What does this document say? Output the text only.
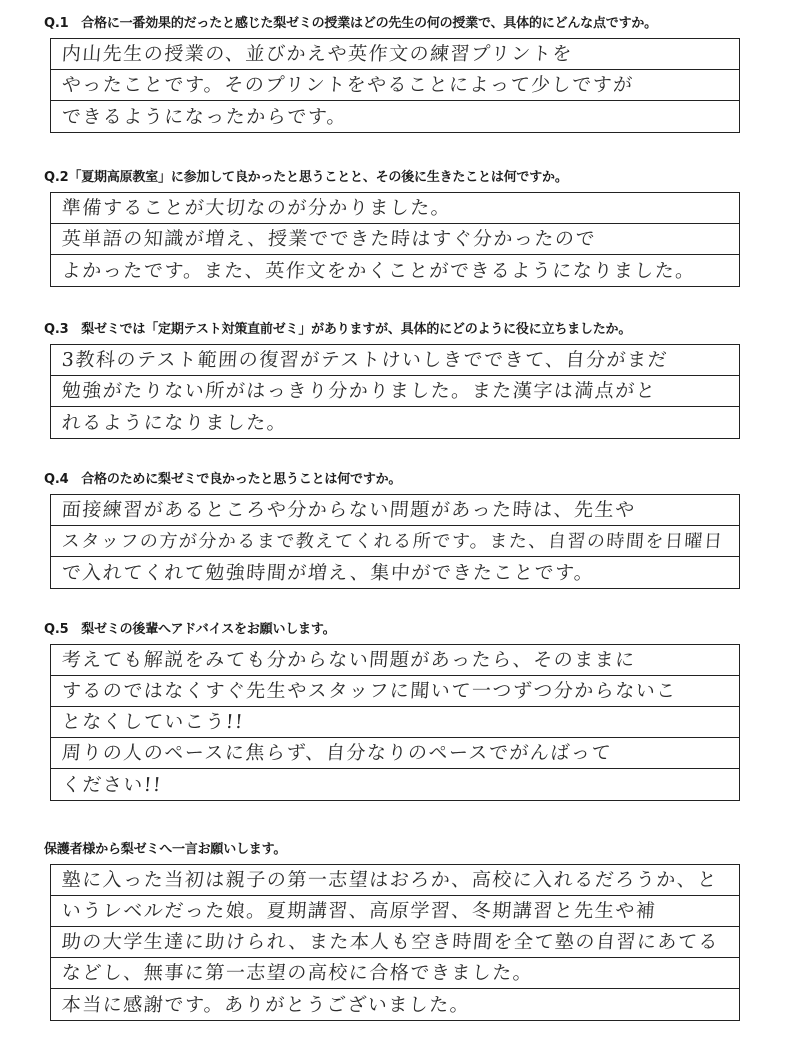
Q.1　合格に一番効果的だったと感じた梨ゼミの授業はどの先生の何の授業で、具体的にどんな点ですか。
内山先生の授業の、並びかえや英作文の練習プリントを
やったことです。そのプリントをやることによって少しですが
できるようになったからです。
Q.2「夏期高原教室」に参加して良かったと思うことと、その後に生きたことは何ですか。
準備することが大切なのが分かりました。
英単語の知識が増え、授業でできた時はすぐ分かったので
よかったです。また、英作文をかくことができるようになりました。
Q.3　梨ゼミでは「定期テスト対策直前ゼミ」がありますが、具体的にどのように役に立ちましたか。
3教科のテスト範囲の復習がテストけいしきでできて、自分がまだ
勉強がたりない所がはっきり分かりました。また漢字は満点がと
れるようになりました。
Q.4　合格のために梨ゼミで良かったと思うことは何ですか。
面接練習があるところや分からない問題があった時は、先生や
スタッフの方が分かるまで教えてくれる所です。また、自習の時間を日曜日
で入れてくれて勉強時間が増え、集中ができたことです。
Q.5　梨ゼミの後輩へアドバイスをお願いします。
考えても解説をみても分からない問題があったら、そのままに
するのではなくすぐ先生やスタッフに聞いて一つずつ分からないこ
となくしていこう!!
周りの人のペースに焦らず、自分なりのペースでがんばって
ください!!
保護者様から梨ゼミへ一言お願いします。
塾に入った当初は親子の第一志望はおろか、高校に入れるだろうか、と
いうレベルだった娘。夏期講習、高原学習、冬期講習と先生や補
助の大学生達に助けられ、また本人も空き時間を全て塾の自習にあてる
などし、無事に第一志望の高校に合格できました。
本当に感謝です。ありがとうございました。
